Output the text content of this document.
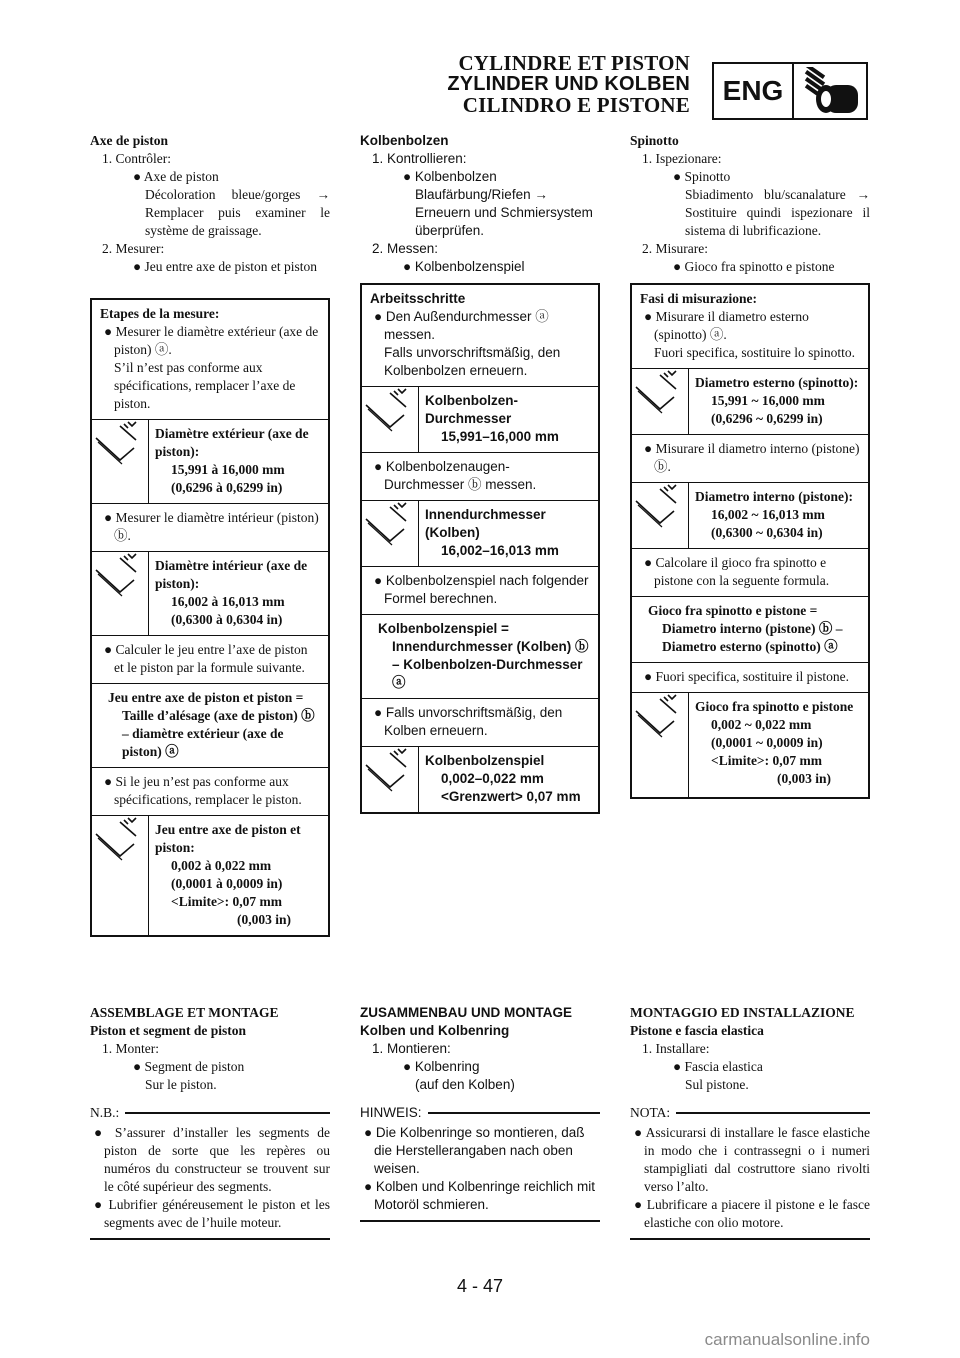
CYLINDRE ET PISTON
ZYLINDER UND KOLBEN
CILINDRO E PISTONE	ENG
Axe de piston
1. Contrôler:
● Axe de piston
Décoloration bleue/gorges → Remplacer puis examiner le système de graissage.
2. Mesurer:
● Jeu entre axe de piston et piston
Etapes de la mesure:
● Mesurer le diamètre extérieur (axe de piston) ⓐ.
S’il n’est pas conforme aux spécifications, remplacer l’axe de piston.
Diamètre extérieur (axe de piston):
15,991 à 16,000 mm
(0,6296 à 0,6299 in)
● Mesurer le diamètre intérieur (piston) ⓑ.
Diamètre intérieur (axe de piston):
16,002 à 16,013 mm
(0,6300 à 0,6304 in)
● Calculer le jeu entre l’axe de piston et le piston par la formule suivante.
Jeu entre axe de piston et piston = Taille d’alésage (axe de piston) ⓑ – diamètre extérieur (axe de piston) ⓐ
● Si le jeu n’est pas conforme aux spécifications, remplacer le piston.
Jeu entre axe de piston et piston:
0,002 à 0,022 mm
(0,0001 à 0,0009 in)
<Limite>: 0,07 mm
(0,003 in)
Kolbenbolzen
1. Kontrollieren:
● Kolbenbolzen
Blaufärbung/Riefen → Erneuern und Schmiersystem überprüfen.
2. Messen:
● Kolbenbolzenspiel
Arbeitsschritte
● Den Außendurchmesser ⓐ messen.
Falls unvorschriftsmäßig, den Kolbenbolzen erneuern.
Kolbenbolzen-Durchmesser
15,991–16,000 mm
● Kolbenbolzenaugen-Durchmesser ⓑ messen.
Innendurchmesser (Kolben)
16,002–16,013 mm
● Kolbenbolzenspiel nach folgender Formel berechnen.
Kolbenbolzenspiel = Innendurchmesser (Kolben) ⓑ – Kolbenbolzen-Durchmesser ⓐ
● Falls unvorschriftsmäßig, den Kolben erneuern.
Kolbenbolzenspiel
0,002–0,022 mm
<Grenzwert> 0,07 mm
Spinotto
1. Ispezionare:
● Spinotto
Sbiadimento blu/scanalature → Sostituire quindi ispezionare il sistema di lubrificazione.
2. Misurare:
● Gioco fra spinotto e pistone
Fasi di misurazione:
● Misurare il diametro esterno (spinotto) ⓐ.
Fuori specifica, sostituire lo spinotto.
Diametro esterno (spinotto):
15,991 ~ 16,000 mm
(0,6296 ~ 0,6299 in)
● Misurare il diametro interno (pistone) ⓑ.
Diametro interno (pistone):
16,002 ~ 16,013 mm
(0,6300 ~ 0,6304 in)
● Calcolare il gioco fra spinotto e pistone con la seguente formula.
Gioco fra spinotto e pistone = Diametro interno (pistone) ⓑ – Diametro esterno (spinotto) ⓐ
● Fuori specifica, sostituire il pistone.
Gioco fra spinotto e pistone
0,002 ~ 0,022 mm
(0,0001 ~ 0,0009 in)
<Limite>: 0,07 mm
(0,003 in)
ASSEMBLAGE ET MONTAGE
Piston et segment de piston
1. Monter:
● Segment de piston
Sur le piston.
N.B.:
● S’assurer d’installer les segments de piston de sorte que les repères ou numéros du constructeur se trouvent sur le côté supérieur des segments.
● Lubrifier généreusement le piston et les segments avec de l’huile moteur.
ZUSAMMENBAU UND MONTAGE
Kolben und Kolbenring
1. Montieren:
● Kolbenring
(auf den Kolben)
HINWEIS:
● Die Kolbenringe so montieren, daß die Herstellerangaben nach oben weisen.
● Kolben und Kolbenringe reichlich mit Motoröl schmieren.
MONTAGGIO ED INSTALLAZIONE
Pistone e fascia elastica
1. Installare:
● Fascia elastica
Sul pistone.
NOTA:
● Assicurarsi di installare le fasce elastiche in modo che i contrassegni o i numeri stampigliati dal costruttore siano rivolti verso l’alto.
● Lubrificare a piacere il pistone e le fasce elastiche con olio motore.
4 - 47
carmanualsonline.info
